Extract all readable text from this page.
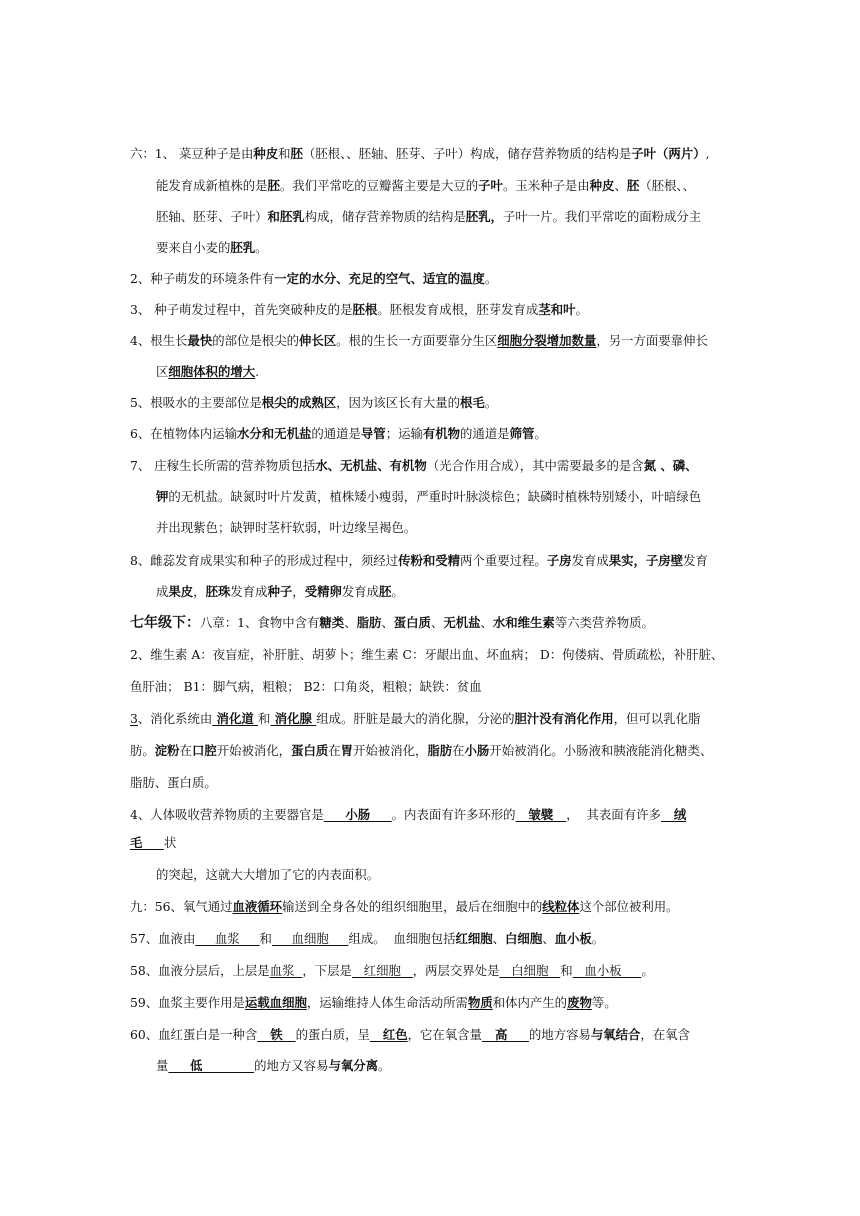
六：1、 菜豆种子是由种皮和胚（胚根、、胚轴、胚芽、子叶）构成，储存营养物质的结构是子叶（两片）,
能发育成新植株的是胚。我们平常吃的豆瓣酱主要是大豆的子叶。玉米种子是由种皮、胚（胚根、、
胚轴、胚芽、子叶）和胚乳构成，储存营养物质的结构是胚乳，子叶一片。我们平常吃的面粉成分主
要来自小麦的胚乳。
2、种子萌发的环境条件有一定的水分、充足的空气、适宜的温度。
3、 种子萌发过程中，首先突破种皮的是胚根。胚根发育成根，胚芽发育成茎和叶。
4、根生长最快的部位是根尖的伸长区。根的生长一方面要靠分生区细胞分裂增加数量，另一方面要靠伸长
区细胞体积的增大.
5、根吸水的主要部位是根尖的成熟区，因为该区长有大量的根毛。
6、在植物体内运输水分和无机盐的通道是导管；运输有机物的通道是筛管。
7、 庄稼生长所需的营养物质包括水、无机盐、有机物（光合作用合成），其中需要最多的是含氮 、磷、
钾的无机盐。缺氮时叶片发黄，植株矮小瘦弱，严重时叶脉淡棕色；缺磷时植株特别矮小，叶暗绿色
并出现紫色；缺钾时茎杆软弱，叶边缘呈褐色。
8、雌蕊发育成果实和种子的形成过程中，须经过传粉和受精两个重要过程。子房发育成果实，子房壁发育
成果皮，胚珠发育成种子，受精卵发育成胚。
七年级下：八章：1、食物中含有糖类、脂肪、蛋白质、无机盐、水和维生素等六类营养物质。
2、维生素 A：夜盲症，补肝脏、胡萝卜；维生素 C：牙龈出血、坏血病； D：佝偻病、骨质疏松，补肝脏、
鱼肝油； B1：脚气病，粗粮； B2：口角炎，粗粮；缺铁：贫血
3、消化系统由 消化道 和 消化腺 组成。肝脏是最大的消化腺，分泌的胆汁没有消化作用，但可以乳化脂
肪。淀粉在口腔开始被消化，蛋白质在胃开始被消化，脂肪在小肠开始被消化。小肠液和胰液能消化糖类、
脂肪、蛋白质。
4、人体吸收营养物质的主要器官是     小肠     。内表面有许多环形的   皱襞   ，  其表面有许多   绒
毛     状
的突起，这就大大增加了它的内表面积。
九：56、氧气通过血液循环输送到全身各处的组织细胞里，最后在细胞中的线粒体这个部位被利用。
57、血液由     血浆     和     血细胞     组成。  血细胞包括红细胞、白细胞、血小板。
58、血液分层后，上层是血浆  ，下层是   红细胞   ，两层交界处是   白细胞   和   血小板     。
59、血浆主要作用是运载血细胞，运输维持人体生命活动所需物质和体内产生的废物等。
60、血红蛋白是一种含   铁   的蛋白质，呈   红色，它在氧含量   高     的地方容易与氧结合，在氧含
量     低            的地方又容易与氧分离。
